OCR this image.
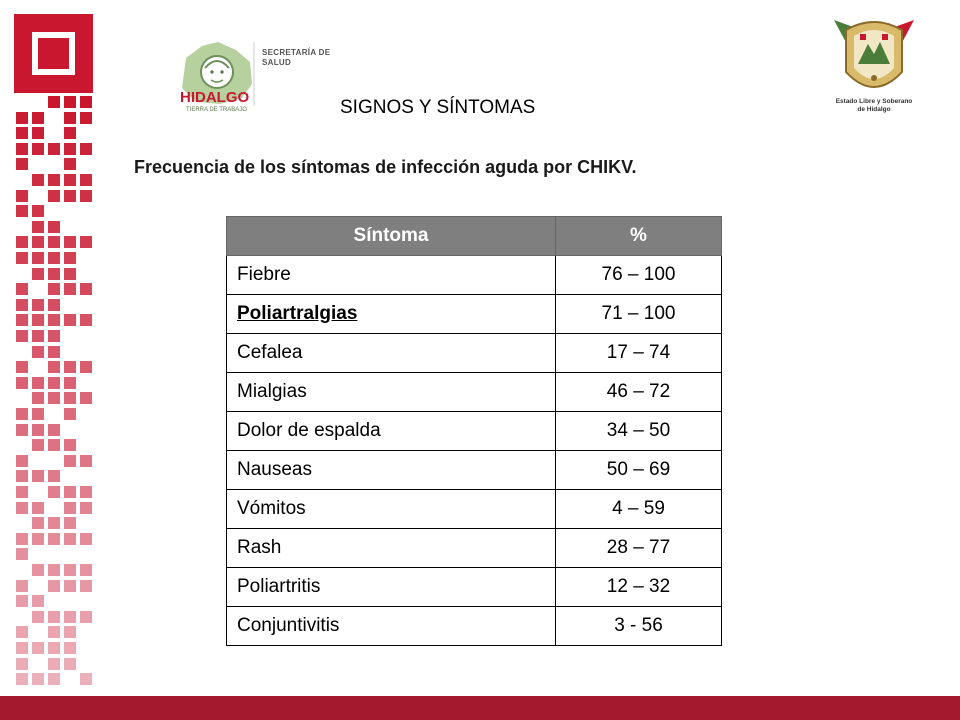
HIDALGO
TIERRA DE TRABAJO
SECRETARÍA DE
SALUD
Estado Libre y Soberano
de Hidalgo
SIGNOS Y SÍNTOMAS
Frecuencia de los síntomas de infección aguda por CHIKV.
Síntoma	%
Fiebre	76 – 100
Poliartralgias	71 – 100
Cefalea	17 – 74
Mialgias	46 – 72
Dolor de espalda	34 – 50
Nauseas	50 – 69
Vómitos	4 – 59
Rash	28 – 77
Poliartritis	12 – 32
Conjuntivitis	3 - 56
